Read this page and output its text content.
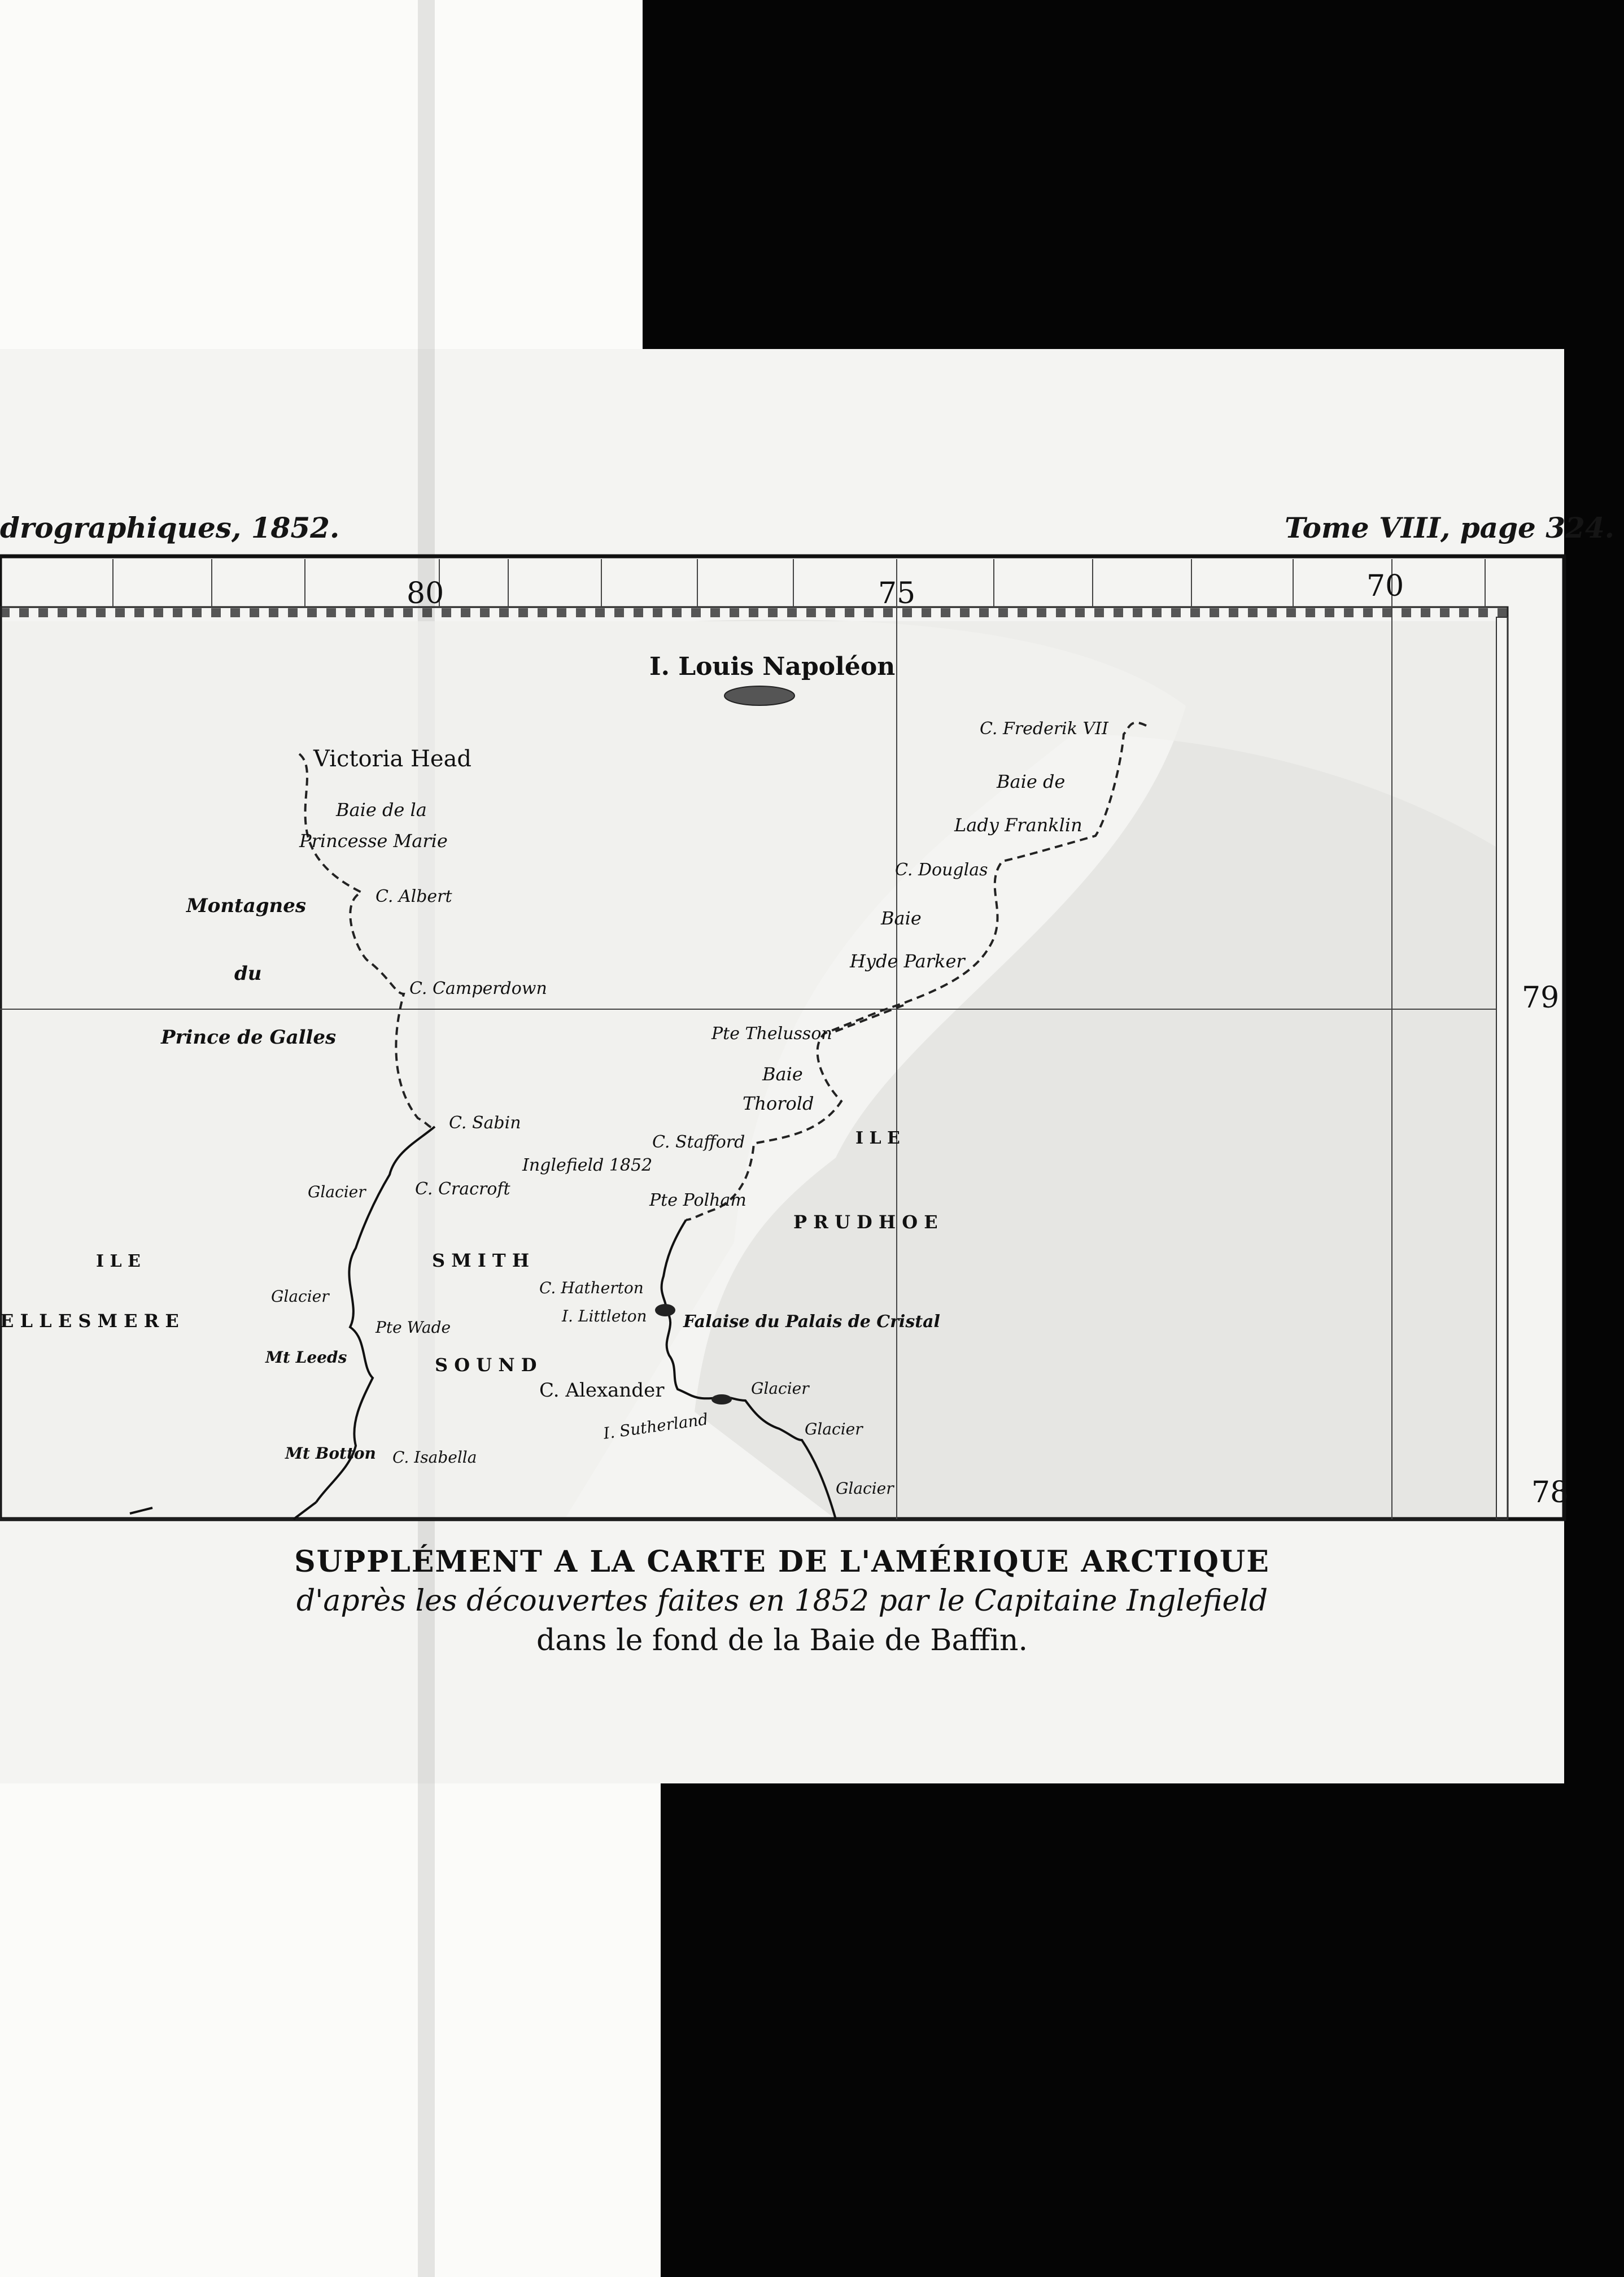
drographiques, 1852.	Tome VIII, page 324.
80	75	70
79
78
I. Louis Napoléon
Victoria Head
Baie de la
Princesse Marie
C. Albert
Montagnes
du
Prince de Galles
C. Camperdown
C. Frederik VII
Baie de
Lady Franklin
C. Douglas
Baie
Hyde Parker
Pte Thelusson
Baie
Thorold
C. Sabin
C. Stafford	I L E
Inglefield 1852
Glacier	C. Cracroft
Pte Polham
P R U D H O E
I L E	S M I T H
C. Hatherton
Glacier
I. Littleton Falaise du Palais de Cristal
E L L E S M E R E	Pte Wade
Mt Leeds	S O U N D
C. Alexander	Glacier
I. Sutherland	Glacier
Mt Botton C. Isabella
Glacier
SUPPLÉMENT A LA CARTE DE L'AMÉRIQUE ARCTIQUE
d'après les découvertes faites en 1852 par le Capitaine Inglefield
dans le fond de la Baie de Baffin.
